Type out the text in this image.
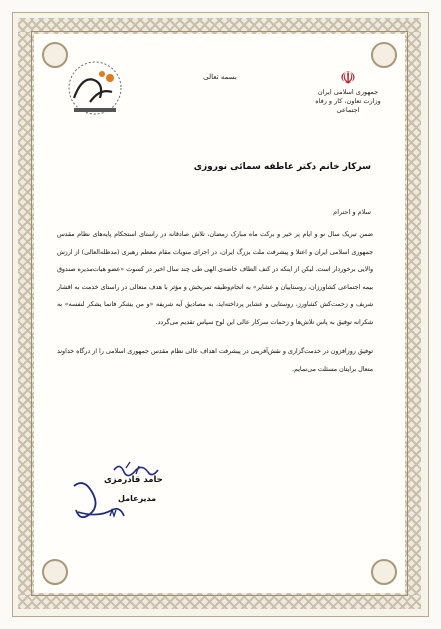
☫
جمهوری اسلامی ایران
وزارت تعاون، کار و رفاه اجتماعی
بسمه تعالی
سرکار خانم دکتر عاطفه سمائی نوروزی
سلام و احترام

ضمن تبریک سال نو و ایام پر خیر و برکت ماه مبارک رمضان، تلاش صادقانه در راستای استحکام پایه‌های نظام مقدس جمهوری اسلامی ایران و اعتلا و پیشرفت ملت بزرگ ایران، در اجرای منویات مقام معظم رهبری (مدظله‌العالی) از ارزش والایی برخوردار است. لیکن از اینکه در کنف الطاف خاصه‌ی الهی طی چند سال اخیر در کسوت «عضو هیات‌مدیره صندوق بیمه اجتماعی کشاورزان، روستاییان و عشایر» به انجام‌وظیفه تمربخش و مؤثر با هدف متعالی در راستای خدمت به اقشار شریف و زحمت‌کش کشاورز، روستایی و عشایر پرداخته‌اید، به مصادیق آیه شریفه «و من یشکر فانما یشکر لنفسه» به شکرانه توفیق به پاس تلاش‌ها و زحمات سرکار عالی این لوح سپاس تقدیم می‌گردد.

توفیق روزافزون در خدمت‌گزاری و نقش‌آفرینی در پیشرفت اهداف عالی نظام مقدس جمهوری اسلامی را از درگاه خداوند متعال برایتان مسئلت می‌نمایم.

حامد قادرمزی
مدیرعامل
